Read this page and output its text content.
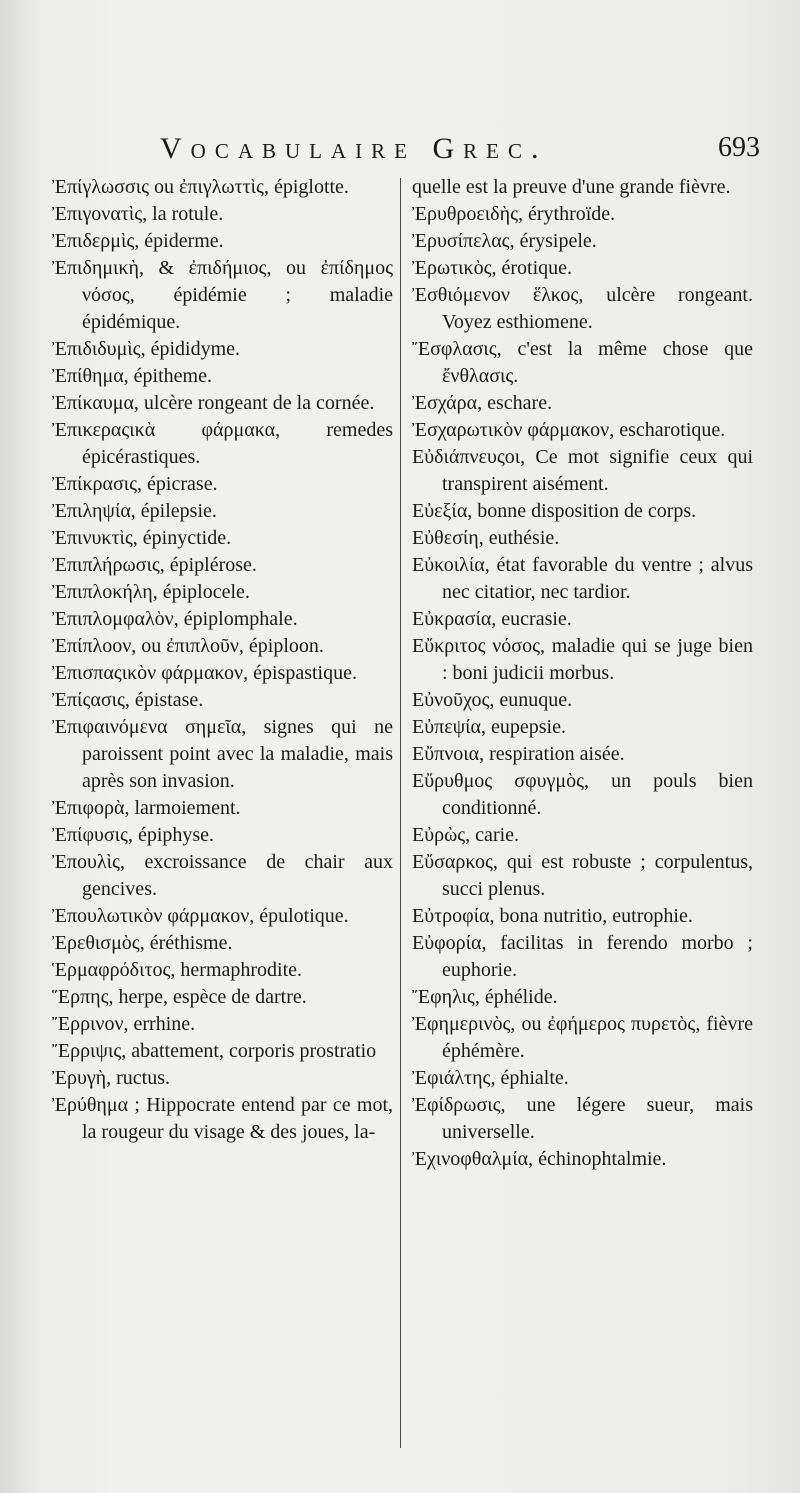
Vocabulaire Grec.	693
Ἐπίγλωσσις ou ἐπιγλωττὶς, épiglotte.
Ἐπιγονατὶς, la rotule.
Ἐπιδερμὶς, épiderme.
Ἐπιδημικὴ, & ἐπιδήμιος, ou ἐπίδημος νόσος, épidémie ; maladie épidémique.
Ἐπιδιδυμὶς, épididyme.
Ἐπίθημα, épitheme.
Ἐπίκαυμα, ulcère rongeant de la cornée.
Ἐπικεραςικὰ φάρμακα, remedes épicérastiques.
Ἐπίκρασις, épicrase.
Ἐπιληψία, épilepsie.
Ἐπινυκτὶς, épinyctide.
Ἐπιπλήρωσις, épiplérose.
Ἐπιπλοκήλη, épiplocele.
Ἐπιπλομφαλὸν, épiplomphale.
Ἐπίπλοον, ou ἐπιπλοῦν, épiploon.
Ἐπισπαςικὸν φάρμακον, épispastique.
Ἐπίςασις, épistase.
Ἐπιφαινόμενα σημεῖα, signes qui ne paroissent point avec la maladie, mais après son invasion.
Ἐπιφορὰ, larmoiement.
Ἐπίφυσις, épiphyse.
Ἐπουλὶς, excroissance de chair aux gencives.
Ἐπουλωτικὸν φάρμακον, épulotique.
Ἐρεθισμὸς, éréthisme.
Ἑρμαφρόδιτος, hermaphrodite.
Ἕρπης, herpe, espèce de dartre.
Ἔρρινον, errhine.
Ἔρριψις, abattement, corporis prostratio
Ἐρυγὴ, ructus.
Ἐρύθημα ; Hippocrate entend par ce mot, la rougeur du visage & des joues, la-
quelle est la preuve d'une grande fièvre.
Ἐρυθροειδὴς, érythroïde.
Ἐρυσίπελας, érysipele.
Ἐρωτικὸς, érotique.
Ἐσθιόμενον ἕλκος, ulcère rongeant. Voyez esthiomene.
Ἔσφλασις, c'est la même chose que ἔνθλασις.
Ἐσχάρα, eschare.
Ἐσχαρωτικὸν φάρμακον, escharotique.
Εὐδιάπνευςοι, Ce mot signifie ceux qui transpirent aisément.
Εὐεξία, bonne disposition de corps.
Εὐθεσίη, euthésie.
Εὐκοιλία, état favorable du ventre ; alvus nec citatior, nec tardior.
Εὐκρασία, eucrasie.
Εὔκριτος νόσος, maladie qui se juge bien : boni judicii morbus.
Εὐνοῦχος, eunuque.
Εὐπεψία, eupepsie.
Εὔπνοια, respiration aisée.
Εὔρυθμος σφυγμὸς, un pouls bien conditionné.
Εὐρὼς, carie.
Εὔσαρκος, qui est robuste ; corpulentus, succi plenus.
Εὐτροφία, bona nutritio, eutrophie.
Εὐφορία, facilitas in ferendo morbo ; euphorie.
Ἔφηλις, éphélide.
Ἐφημερινὸς, ou ἐφήμερος πυρετὸς, fièvre éphémère.
Ἐφιάλτης, éphialte.
Ἐφίδρωσις, une légere sueur, mais universelle.
Ἐχινοφθαλμία, échinophtalmie.
